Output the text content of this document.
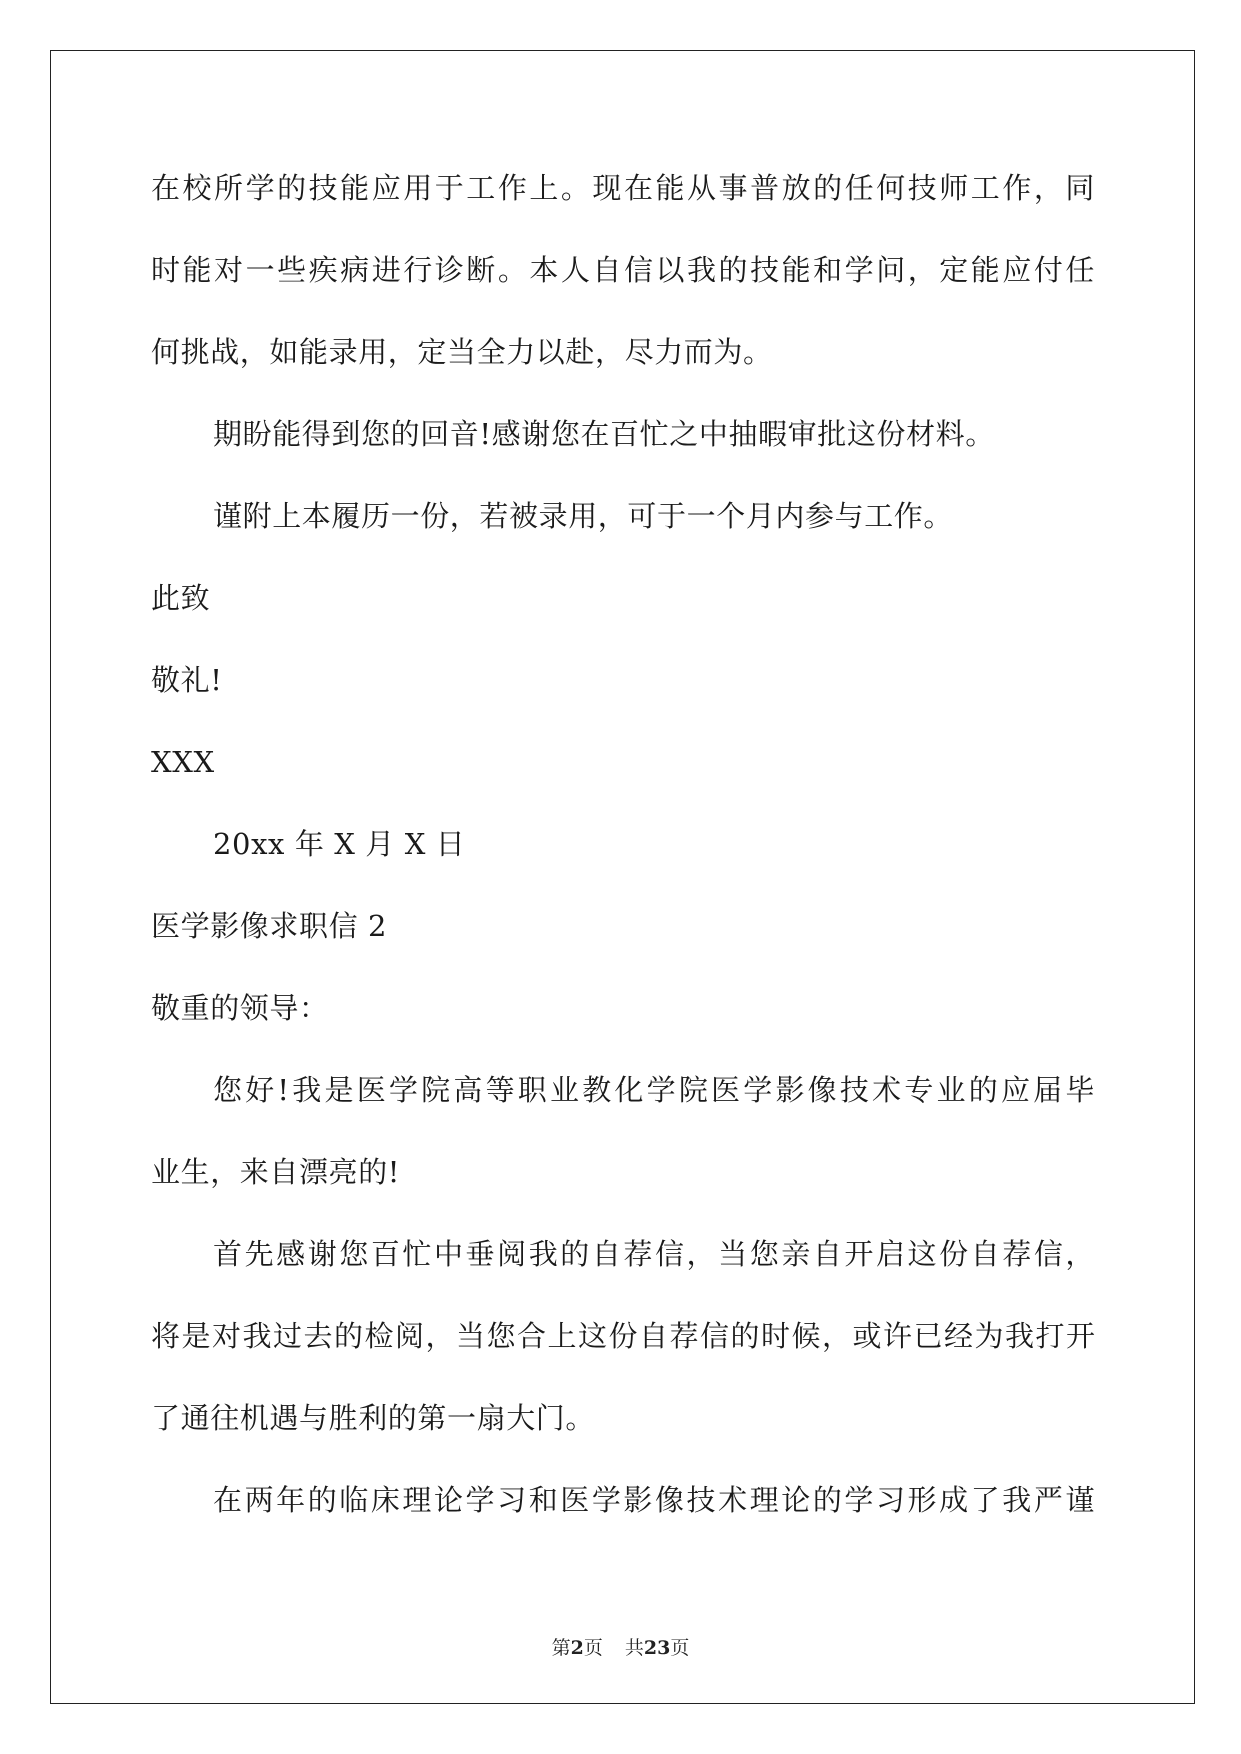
在校所学的技能应用于工作上。现在能从事普放的任何技师工作，同
时能对一些疾病进行诊断。本人自信以我的技能和学问，定能应付任
何挑战，如能录用，定当全力以赴，尽力而为。
期盼能得到您的回音!感谢您在百忙之中抽暇审批这份材料。
谨附上本履历一份，若被录用，可于一个月内参与工作。
此致
敬礼!
XXX
20xx 年 X 月 X 日
医学影像求职信 2
敬重的领导：
您好!我是医学院高等职业教化学院医学影像技术专业的应届毕
业生，来自漂亮的!
首先感谢您百忙中垂阅我的自荐信，当您亲自开启这份自荐信，
将是对我过去的检阅，当您合上这份自荐信的时候，或许已经为我打开
了通往机遇与胜利的第一扇大门。
在两年的临床理论学习和医学影像技术理论的学习形成了我严谨
第2页 共23页
